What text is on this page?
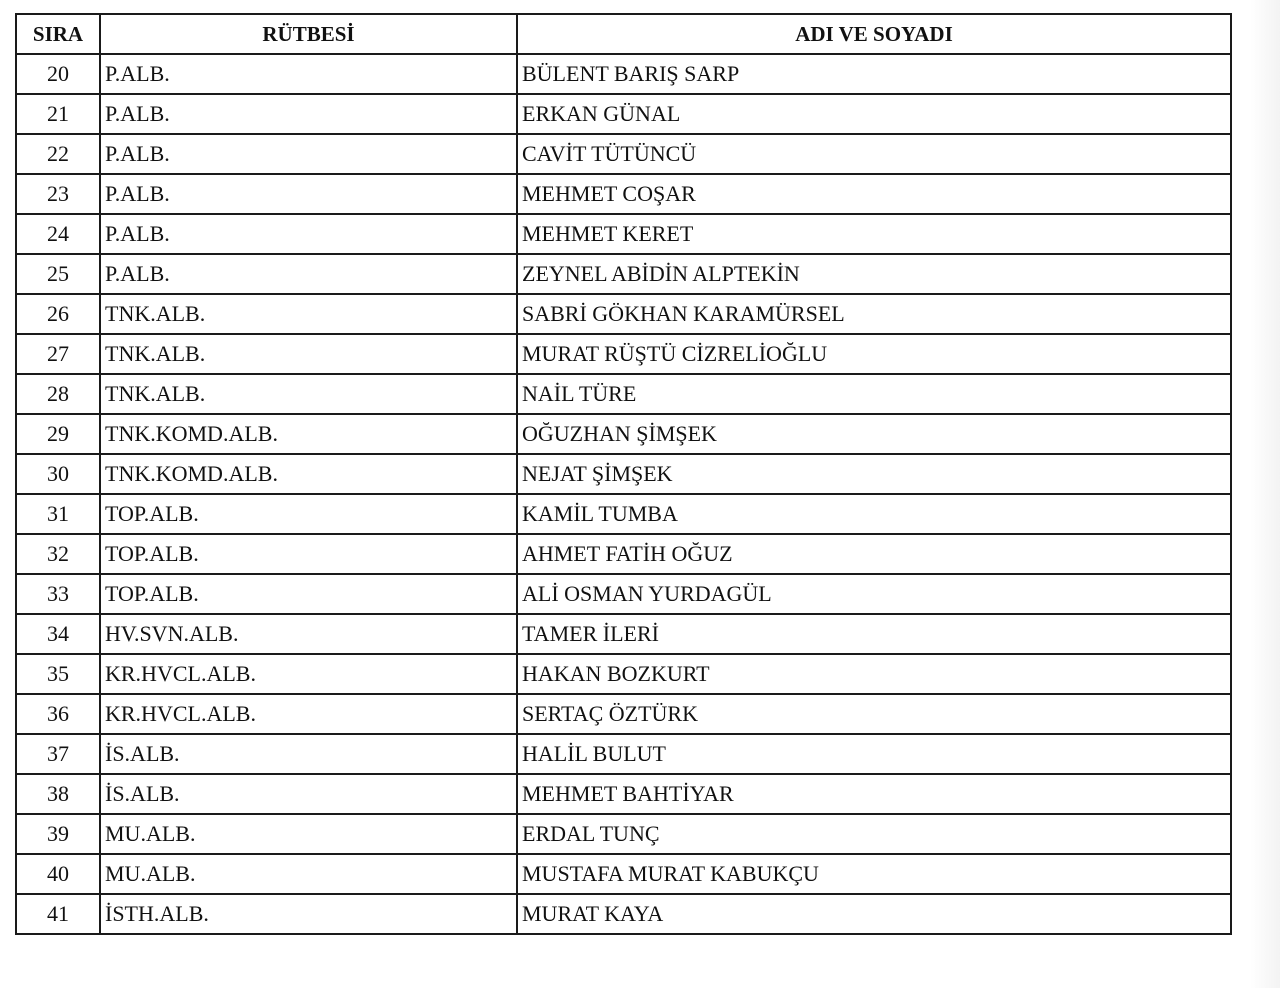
SIRA	RÜTBESİ	ADI VE SOYADI
20	P.ALB.	BÜLENT BARIŞ SARP
21	P.ALB.	ERKAN GÜNAL
22	P.ALB.	CAVİT TÜTÜNCÜ
23	P.ALB.	MEHMET COŞAR
24	P.ALB.	MEHMET KERET
25	P.ALB.	ZEYNEL ABİDİN ALPTEKİN
26	TNK.ALB.	SABRİ GÖKHAN KARAMÜRSEL
27	TNK.ALB.	MURAT RÜŞTÜ CİZRELİOĞLU
28	TNK.ALB.	NAİL TÜRE
29	TNK.KOMD.ALB.	OĞUZHAN ŞİMŞEK
30	TNK.KOMD.ALB.	NEJAT ŞİMŞEK
31	TOP.ALB.	KAMİL TUMBA
32	TOP.ALB.	AHMET FATİH OĞUZ
33	TOP.ALB.	ALİ OSMAN YURDAGÜL
34	HV.SVN.ALB.	TAMER İLERİ
35	KR.HVCL.ALB.	HAKAN BOZKURT
36	KR.HVCL.ALB.	SERTAÇ ÖZTÜRK
37	İS.ALB.	HALİL BULUT
38	İS.ALB.	MEHMET BAHTİYAR
39	MU.ALB.	ERDAL TUNÇ
40	MU.ALB.	MUSTAFA MURAT KABUKÇU
41	İSTH.ALB.	MURAT KAYA
